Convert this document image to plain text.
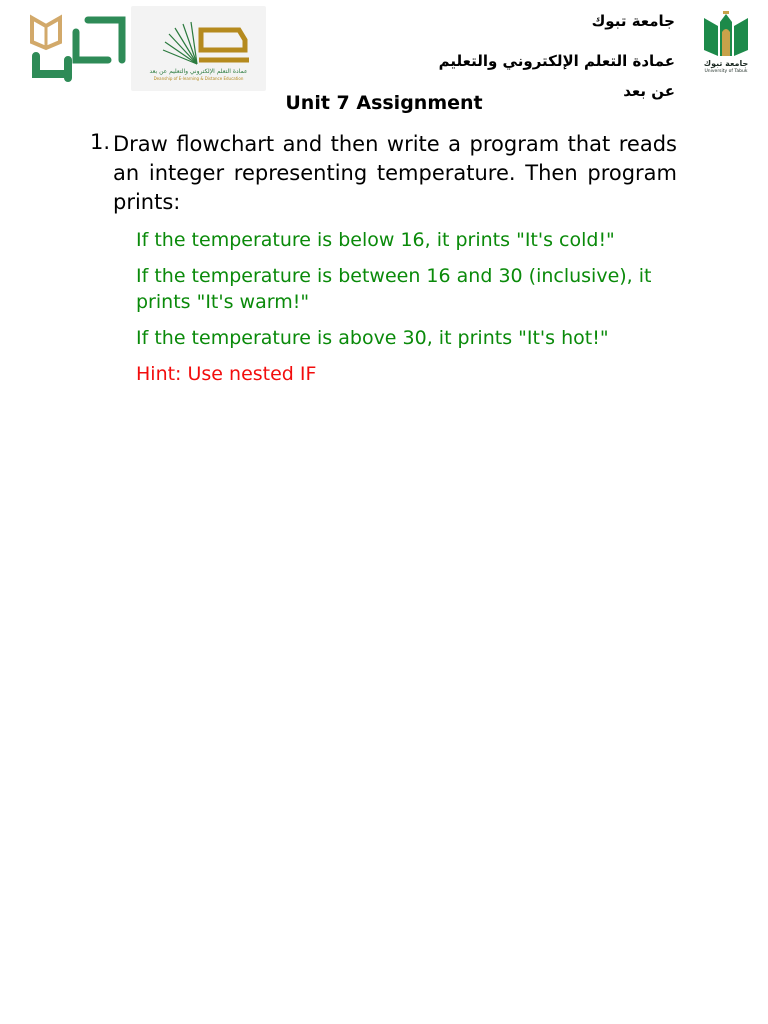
عمادة التعلم الإلكتروني والتعليم عن بعد
Deanship of E-learning & Distance Education
جامعة تبوك
عمادة التعلم الإلكتروني والتعليم
عن بعد
جامعة تبوك
University of Tabuk
Unit 7 Assignment
1. Draw flowchart and then write a program that reads an integer representing temperature. Then program prints:
If the temperature is below 16, it prints "It's cold!"
If the temperature is between 16 and 30 (inclusive), it prints "It's warm!"
If the temperature is above 30, it prints "It's hot!"
Hint: Use nested IF
